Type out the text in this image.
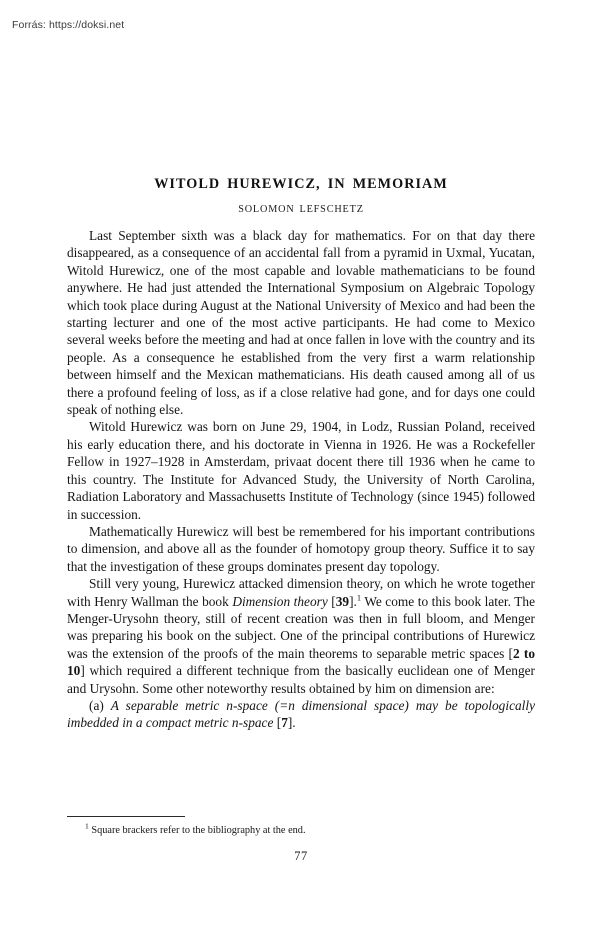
Forrás: https://doksi.net
WITOLD HUREWICZ, IN MEMORIAM
SOLOMON LEFSCHETZ

Last September sixth was a black day for mathematics. For on that day there disappeared, as a consequence of an accidental fall from a pyramid in Uxmal, Yucatan, Witold Hurewicz, one of the most capable and lovable mathematicians to be found anywhere. He had just attended the International Symposium on Algebraic Topology which took place during August at the National University of Mexico and had been the starting lecturer and one of the most active participants. He had come to Mexico several weeks before the meeting and had at once fallen in love with the country and its people. As a consequence he established from the very first a warm relationship between himself and the Mexican mathematicians. His death caused among all of us there a profound feeling of loss, as if a close relative had gone, and for days one could speak of nothing else.

Witold Hurewicz was born on June 29, 1904, in Lodz, Russian Poland, received his early education there, and his doctorate in Vienna in 1926. He was a Rockefeller Fellow in 1927–1928 in Amsterdam, privaat docent there till 1936 when he came to this country. The Institute for Advanced Study, the University of North Carolina, Radiation Laboratory and Massachusetts Institute of Technology (since 1945) followed in succession.

Mathematically Hurewicz will best be remembered for his important contributions to dimension, and above all as the founder of homotopy group theory. Suffice it to say that the investigation of these groups dominates present day topology.

Still very young, Hurewicz attacked dimension theory, on which he wrote together with Henry Wallman the book Dimension theory [39].$^1$ We come to this book later. The Menger-Urysohn theory, still of recent creation was then in full bloom, and Menger was preparing his book on the subject. One of the principal contributions of Hurewicz was the extension of the proofs of the main theorems to separable metric spaces [2 to 10] which required a different technique from the basically euclidean one of Menger and Urysohn. Some other noteworthy results obtained by him on dimension are:

(a) A separable metric n-space (=n dimensional space) may be topologically imbedded in a compact metric n-space [7].

$^1$ Square brackers refer to the bibliography at the end.

77
